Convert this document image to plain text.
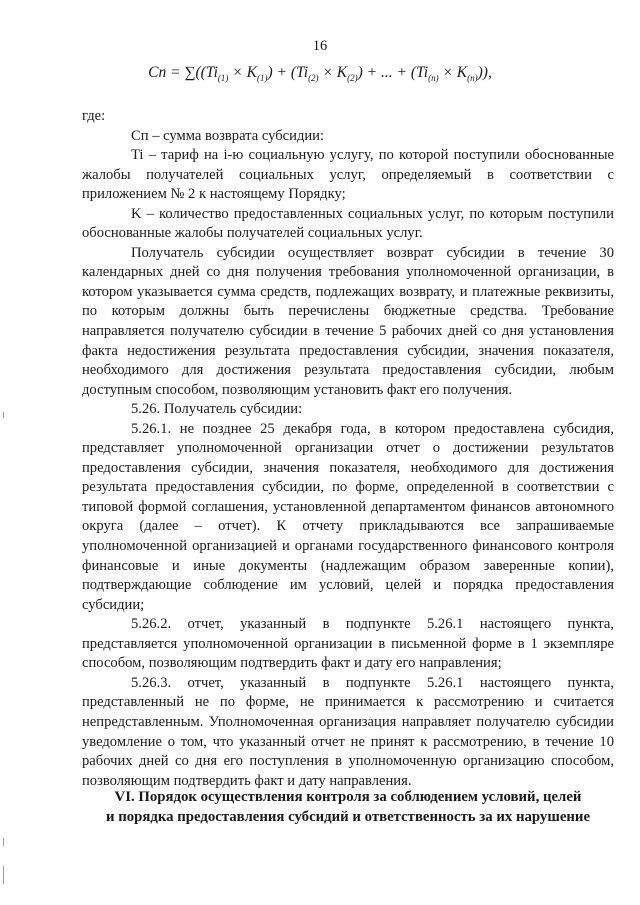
16
Сп = $\sum((Ti_{(1)} \times K_{(1)}) + (Ti_{(2)} \times K_{(2)})$ + ... + $(Ti_{(n)} \times K_{(n)})$),

где:

Сп – сумма возврата субсидии:

Ti – тариф на i-ю социальную услугу, по которой поступили обоснованные жалобы получателей социальных услуг, определяемый в соответствии с приложением № 2 к настоящему Порядку;

K – количество предоставленных социальных услуг, по которым поступили обоснованные жалобы получателей социальных услуг.

Получатель субсидии осуществляет возврат субсидии в течение 30 календарных дней со дня получения требования уполномоченной организации, в котором указывается сумма средств, подлежащих возврату, и платежные реквизиты, по которым должны быть перечислены бюджетные средства. Требование направляется получателю субсидии в течение 5 рабочих дней со дня установления факта недостижения результата предоставления субсидии, значения показателя, необходимого для достижения результата предоставления субсидии, любым доступным способом, позволяющим установить факт его получения.

5.26. Получатель субсидии:

5.26.1. не позднее 25 декабря года, в котором предоставлена субсидия, представляет уполномоченной организации отчет о достижении результатов предоставления субсидии, значения показателя, необходимого для достижения результата предоставления субсидии, по форме, определенной в соответствии с типовой формой соглашения, установленной департаментом финансов автономного округа (далее – отчет). К отчету прикладываются все запрашиваемые уполномоченной организацией и органами государственного финансового контроля финансовые и иные документы (надлежащим образом заверенные копии), подтверждающие соблюдение им условий, целей и порядка предоставления субсидии;

5.26.2. отчет, указанный в подпункте 5.26.1 настоящего пункта, представляется уполномоченной организации в письменной форме в 1 экземпляре способом, позволяющим подтвердить факт и дату его направления;

5.26.3. отчет, указанный в подпункте 5.26.1 настоящего пункта, представленный не по форме, не принимается к рассмотрению и считается непредставленным. Уполномоченная организация направляет получателю субсидии уведомление о том, что указанный отчет не принят к рассмотрению, в течение 10 рабочих дней со дня его поступления в уполномоченную организацию способом, позволяющим подтвердить факт и дату направления.

VI. Порядок осуществления контроля за соблюдением условий, целей
и порядка предоставления субсидий и ответственность за их нарушение
